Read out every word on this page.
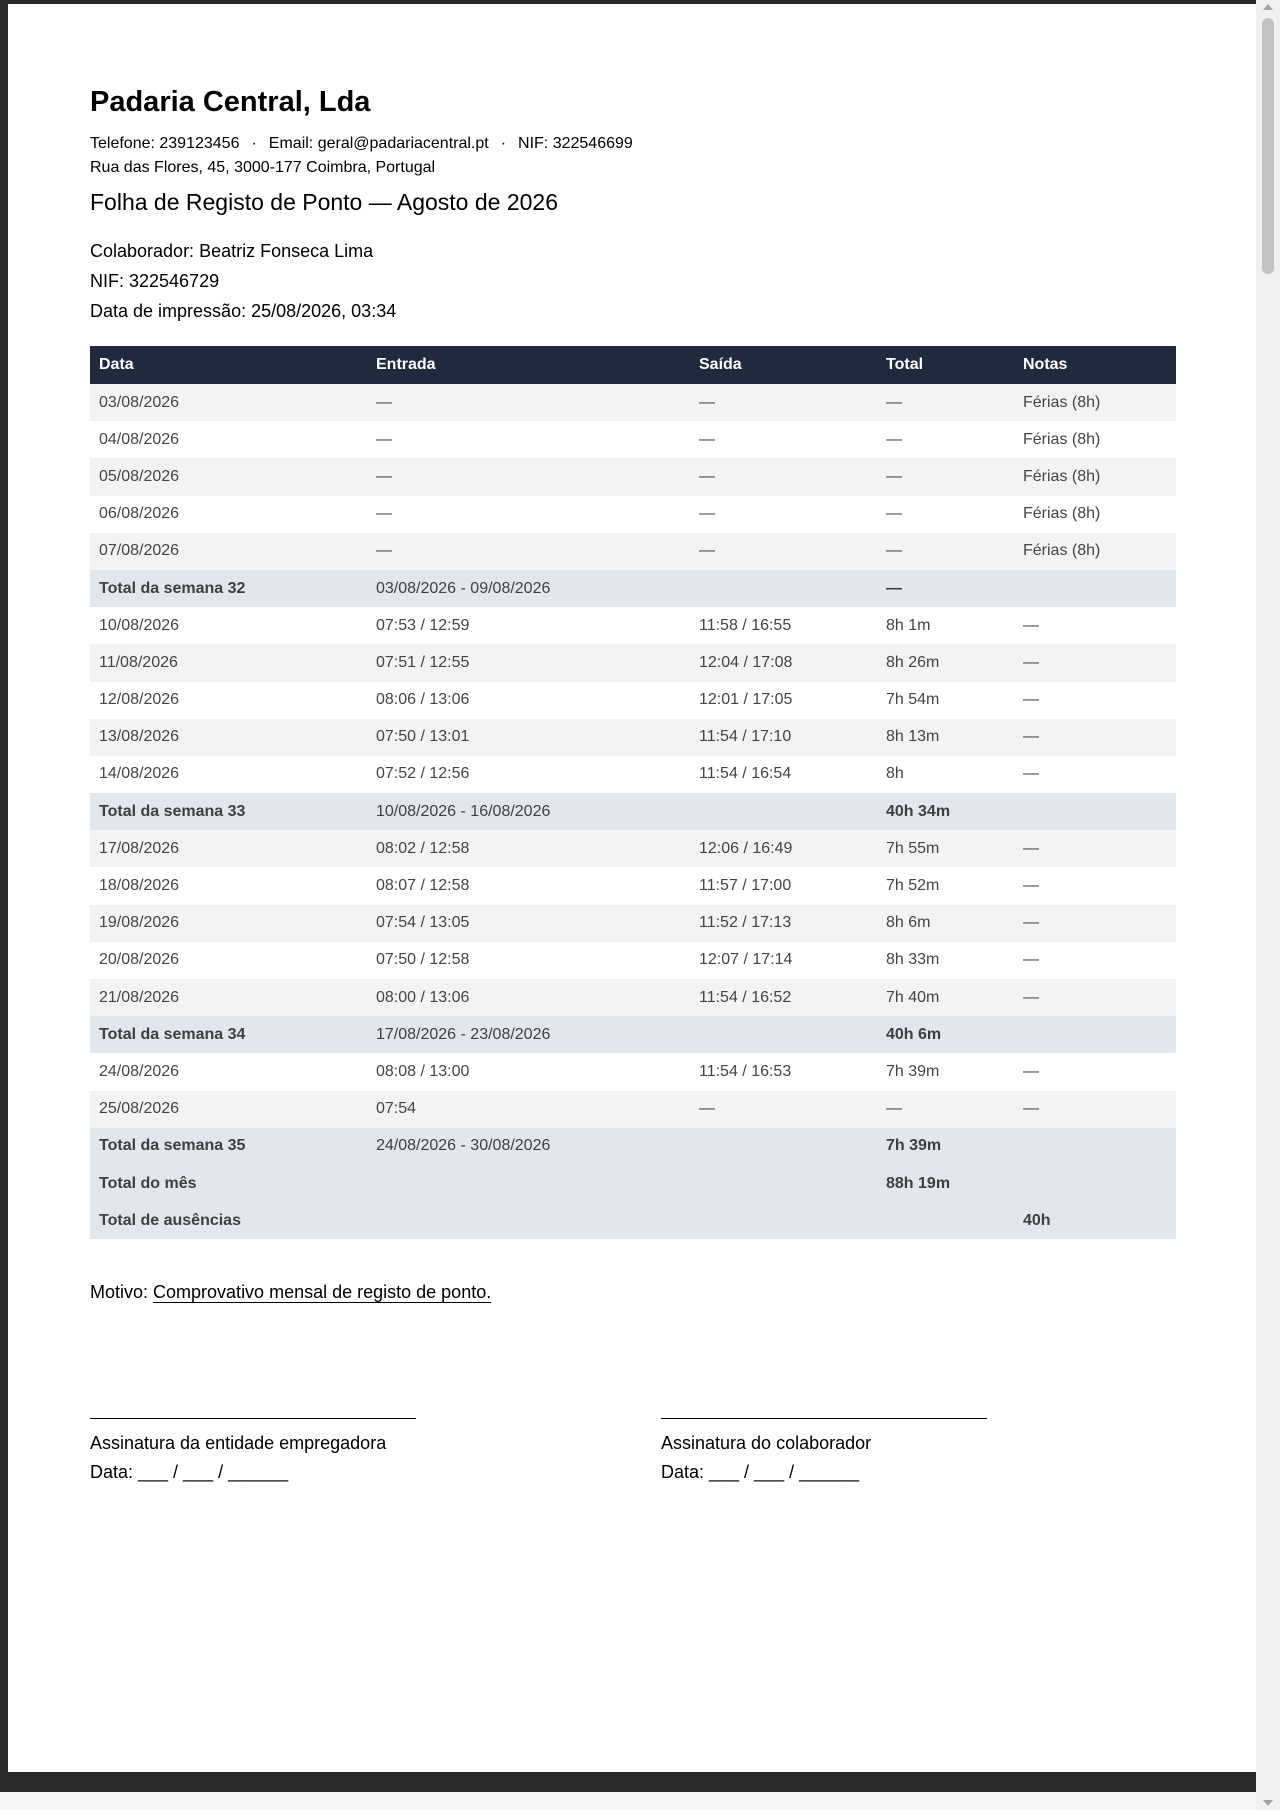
Padaria Central, Lda
Telefone: 239123456 · Email: geral@padariacentral.pt · NIF: 322546699
Rua das Flores, 45, 3000-177 Coimbra, Portugal
Folha de Registo de Ponto — Agosto de 2026
Colaborador: Beatriz Fonseca Lima
NIF: 322546729
Data de impressão: 25/08/2026, 03:34
Data	Entrada	Saída	Total	Notas
03/08/2026	—	—	—	Férias (8h)
04/08/2026	—	—	—	Férias (8h)
05/08/2026	—	—	—	Férias (8h)
06/08/2026	—	—	—	Férias (8h)
07/08/2026	—	—	—	Férias (8h)
Total da semana 32	03/08/2026 - 09/08/2026		—	
10/08/2026	07:53 / 12:59	11:58 / 16:55	8h 1m	—
11/08/2026	07:51 / 12:55	12:04 / 17:08	8h 26m	—
12/08/2026	08:06 / 13:06	12:01 / 17:05	7h 54m	—
13/08/2026	07:50 / 13:01	11:54 / 17:10	8h 13m	—
14/08/2026	07:52 / 12:56	11:54 / 16:54	8h	—
Total da semana 33	10/08/2026 - 16/08/2026		40h 34m	
17/08/2026	08:02 / 12:58	12:06 / 16:49	7h 55m	—
18/08/2026	08:07 / 12:58	11:57 / 17:00	7h 52m	—
19/08/2026	07:54 / 13:05	11:52 / 17:13	8h 6m	—
20/08/2026	07:50 / 12:58	12:07 / 17:14	8h 33m	—
21/08/2026	08:00 / 13:06	11:54 / 16:52	7h 40m	—
Total da semana 34	17/08/2026 - 23/08/2026		40h 6m	
24/08/2026	08:08 / 13:00	11:54 / 16:53	7h 39m	—
25/08/2026	07:54	—	—	—
Total da semana 35	24/08/2026 - 30/08/2026		7h 39m	
Total do mês			88h 19m	
Total de ausências				40h
Motivo: Comprovativo mensal de registo de ponto.
Assinatura da entidade empregadora
Data: ___ / ___ / ______
Assinatura do colaborador
Data: ___ / ___ / ______
